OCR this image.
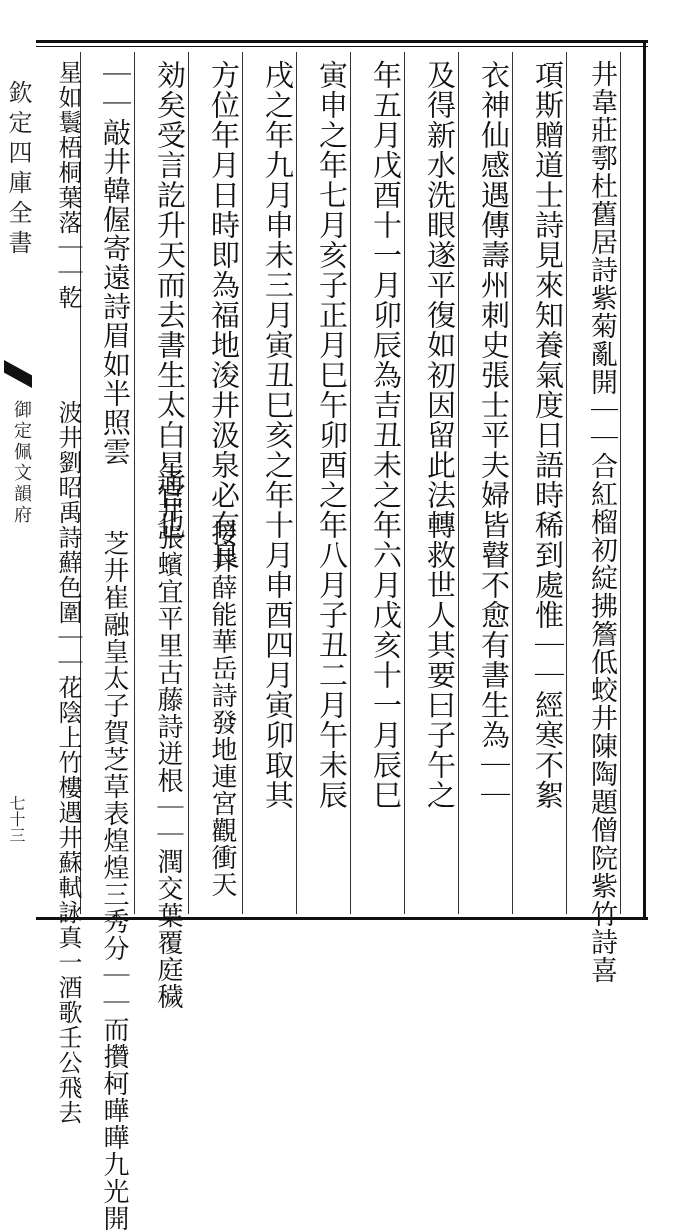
欽定四庫全書
御定佩文韻府
七十三	井韋莊鄠杜舊居詩紫菊亂開｜｜合紅榴初綻拂簷低蛟井陳陶題僧院紫竹詩喜
項斯贈道士詩見來知養氣度日語時稀到處惟｜｜經寒不絮
衣神仙感遇傳壽州刺史張士平夫婦皆瞽不愈有書生為｜｜
及得新水洗眼遂平復如初因留此法轉救世人其要曰子午之
年五月戊酉十一月卯辰為吉丑未之年六月戊亥十一月辰巳
寅申之年七月亥子正月巳午卯酉之年八月子丑二月午未辰
戌之年九月申未三月寅丑巳亥之年十月申酉四月寅卯取其
方位年月日時即為福地浚井汲泉必有良
接井薛能華岳詩發地連宮觀衝天
効矣受言訖升天而去書生太白星官也
通井張蠙宜平里古藤詩迸根｜｜潤交葉覆庭穢
｜｜敲井韓偓寄遠詩眉如半照雲
芝井崔融皇太子賀芝草表煌煌三秀分｜｜而攢柯曄曄九光開
星如鬟梧桐葉落｜｜乾
波井劉昭禹詩蘚色圍｜｜花陰上竹樓遇井蘇軾詠真一酒歌壬公飛去
